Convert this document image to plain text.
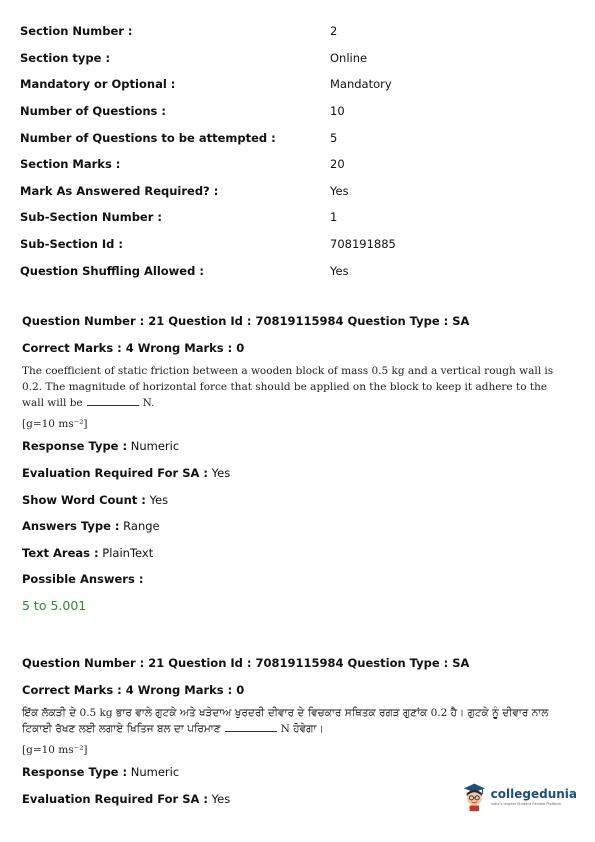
Section Number :	2
Section type :	Online
Mandatory or Optional :	Mandatory
Number of Questions :	10
Number of Questions to be attempted :	5
Section Marks :	20
Mark As Answered Required? :	Yes
Sub-Section Number :	1
Sub-Section Id :	708191885
Question Shuffling Allowed :	Yes
Question Number : 21 Question Id : 70819115984 Question Type : SA
Correct Marks : 4 Wrong Marks : 0
The coefficient of static friction between a wooden block of mass 0.5 kg and a vertical rough wall is 0.2. The magnitude of horizontal force that should be applied on the block to keep it adhere to the wall will be	N.
[g=10 ms⁻²]
Response Type :
Numeric
Evaluation Required For SA :
Yes
Show Word Count :
Yes
Answers Type :
Range
Text Areas :
PlainText
Possible Answers :
5 to 5.001
Question Number : 21 Question Id : 70819115984 Question Type : SA
Correct Marks : 4 Wrong Marks : 0
ਇੱਕ ਲੱਕੜੀ ਦੇ 0.5 kg ਭਾਰ ਵਾਲੇ ਗੁਟਕੇ ਅਤੇ ਖੜੇਦਾਅ ਖੁਰਦਰੀ ਦੀਵਾਰ ਦੇ ਵਿਚਕਾਰ ਸਥਿਤਕ ਰਗੜ ਗੁਣਾਂਕ 0.2 ਹੈ। ਗੁਟਕੇ ਨੂੰ ਦੀਵਾਰ ਨਾਲ ਟਿਕਾਈ ਰੱਖਣ ਲਈ ਲਗਾਏ ਖਿਤਿਜ ਬਲ ਦਾ ਪਰਿਮਾਣ	N ਹੋਵੇਗਾ।
[g=10 ms⁻²]
Response Type :
Numeric
Evaluation Required For SA :
Yes	collegedunia
India's largest Student Review Platform
